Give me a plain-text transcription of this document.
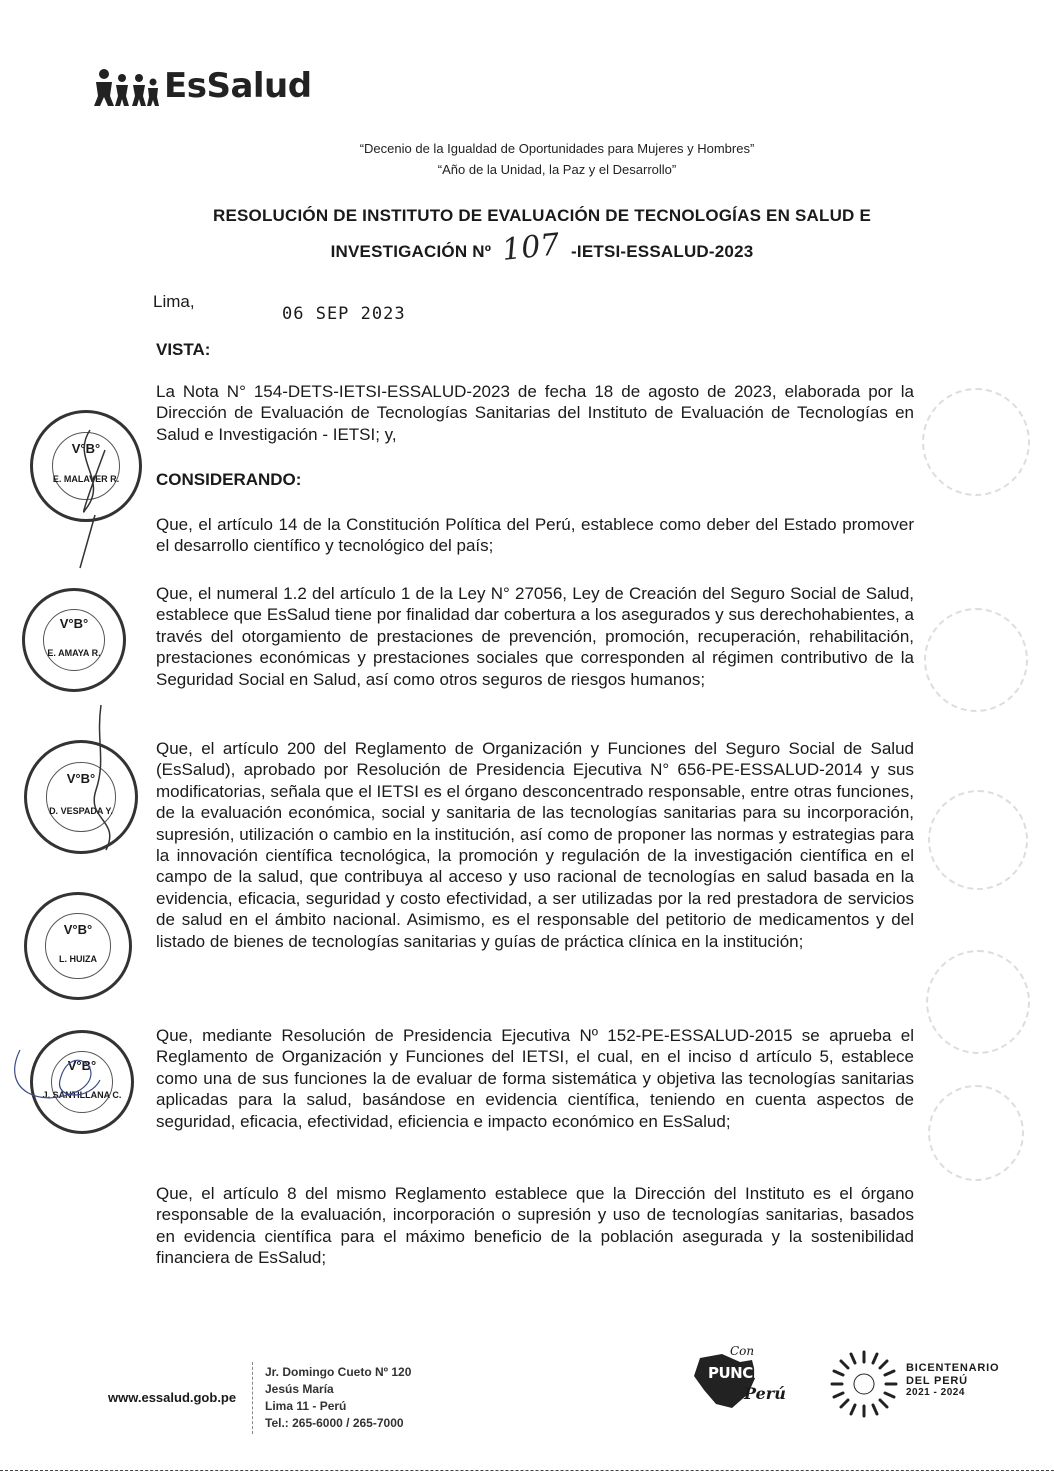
EsSalud
“Decenio de la Igualdad de Oportunidades para Mujeres y Hombres”
“Año de la Unidad, la Paz y el Desarrollo”
RESOLUCIÓN DE INSTITUTO DE EVALUACIÓN DE TECNOLOGÍAS EN SALUD E
INVESTIGACIÓN Nº 107 -IETSI-ESSALUD-2023
Lima,
06 SEP 2023
VISTA:

La Nota N° 154-DETS-IETSI-ESSALUD-2023 de fecha 18 de agosto de 2023, elaborada por la Dirección de Evaluación de Tecnologías Sanitarias del Instituto de Evaluación de Tecnologías en Salud e Investigación - IETSI; y,

CONSIDERANDO:

Que, el artículo 14 de la Constitución Política del Perú, establece como deber del Estado promover el desarrollo científico y tecnológico del país;

Que, el numeral 1.2 del artículo 1 de la Ley N° 27056, Ley de Creación del Seguro Social de Salud, establece que EsSalud tiene por finalidad dar cobertura a los asegurados y sus derechohabientes, a través del otorgamiento de prestaciones de prevención, promoción, recuperación, rehabilitación, prestaciones económicas y prestaciones sociales que corresponden al régimen contributivo de la Seguridad Social en Salud, así como otros seguros de riesgos humanos;

Que, el artículo 200 del Reglamento de Organización y Funciones del Seguro Social de Salud (EsSalud), aprobado por Resolución de Presidencia Ejecutiva N° 656-PE-ESSALUD-2014 y sus modificatorias, señala que el IETSI es el órgano desconcentrado responsable, entre otras funciones, de la evaluación económica, social y sanitaria de las tecnologías sanitarias para su incorporación, supresión, utilización o cambio en la institución, así como de proponer las normas y estrategias para la innovación científica tecnológica, la promoción y regulación de la investigación científica en el campo de la salud, que contribuya al acceso y uso racional de tecnologías en salud basada en la evidencia, eficacia, seguridad y costo efectividad, a ser utilizadas por la red prestadora de servicios de salud en el ámbito nacional. Asimismo, es el responsable del petitorio de medicamentos y del listado de bienes de tecnologías sanitarias y guías de práctica clínica en la institución;

Que, mediante Resolución de Presidencia Ejecutiva Nº 152-PE-ESSALUD-2015 se aprueba el Reglamento de Organización y Funciones del IETSI, el cual, en el inciso d artículo 5, establece como una de sus funciones la de evaluar de forma sistemática y objetiva las tecnologías sanitarias aplicadas para la salud, basándose en evidencia científica, teniendo en cuenta aspectos de seguridad, eficacia, efectividad, eficiencia e impacto económico en EsSalud;

Que, el artículo 8 del mismo Reglamento establece que la Dirección del Instituto es el órgano responsable de la evaluación, incorporación o supresión y uso de tecnologías sanitarias, basados en evidencia científica para el máximo beneficio de la población asegurada y la sostenibilidad financiera de EsSalud;

V°B°
E. MALAVER R.
V°B°
E. AMAYA R.
V°B°
D. VESPADA Y.
V°B°
L. HUIZA
V°B°
J. SANTILLANA C.
www.essalud.gob.pe
Jr. Domingo Cueto Nº 120
Jesús María
Lima 11 - Perú
Tel.: 265-6000 / 265-7000
Con
PUNCHE
Perú
BICENTENARIO
DEL PERÚ
2021 - 2024
